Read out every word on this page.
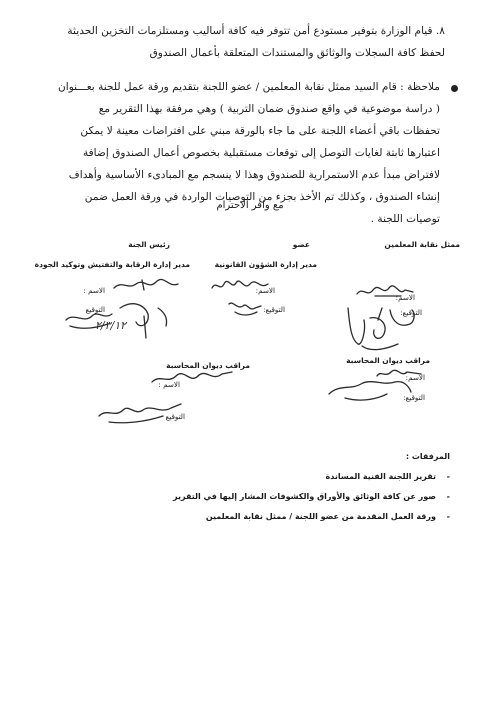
٨. قيام الوزارة بتوفير مستودع أمن تتوفر فيه كافة أساليب ومستلزمات التخزين الحديثة
لحفظ كافة السجلات والوثائق والمستندات المتعلقة بأعمال الصندوق
ملاحظة : قام السيد ممثل نقابة المعلمين / عضو اللجنة بتقديم ورقة عمل للجنة بعـــنوان
( دراسة موضوعية في واقع صندوق ضمان التربية ) وهي مرفقة بهذا التقرير مع
تحفظات باقي أعضاء اللجنة على ما جاء بالورقة مبني على افتراضات معينة لا يمكن
اعتبارها ثابتة لغايات التوصل إلى توقعات مستقبلية بخصوص أعمال الصندوق إضافة
لافتراض مبدأ عدم الاستمرارية للصندوق وهذا لا ينسجم مع المبادىء الأساسية وأهداف
إنشاء الصندوق ، وكذلك تم الأخذ بجزء من التوصيات الواردة في ورقة العمل ضمن
توصيات اللجنة .
مع وافر الاحترام
ممثل نقابة المعلمين
الاسم:
التوقيع:
عضو
مدير إدارة الشؤون القانونية
الاسم:
التوقيع:
رئيس الجنة
مدير إدارة الرقابة والتفتيش وتوكيد الجودة
الاسم :
التوقيع
٢/٣/١٢
مراقب ديوان المحاسبة
الاسم:
التوقيع:
مراقب ديوان المحاسبة
الاسم :
التوقيع
المرفقات :
-تقرير اللجنة الفنية المساندة
-صور عن كافة الوثائق والأوراق والكشوفات المشار إليها في التقرير
-ورقة العمل المقدمة من عضو اللجنة / ممثل نقابة المعلمين
